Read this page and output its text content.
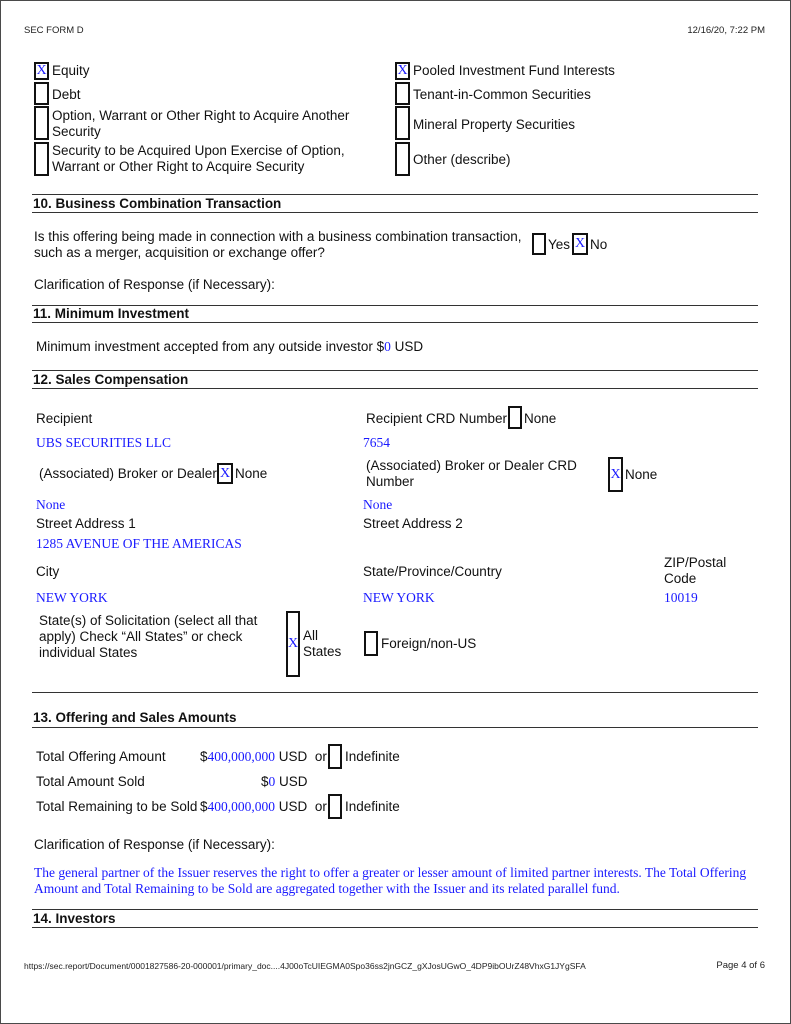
SEC FORM D	12/16/20, 7:22 PM
X Equity
Debt
Option, Warrant or Other Right to Acquire Another Security
Security to be Acquired Upon Exercise of Option, Warrant or Other Right to Acquire Security
X Pooled Investment Fund Interests
Tenant-in-Common Securities
Mineral Property Securities
Other (describe)
10. Business Combination Transaction
Is this offering being made in connection with a business combination transaction, such as a merger, acquisition or exchange offer?
Yes X No
Clarification of Response (if Necessary):
11. Minimum Investment
Minimum investment accepted from any outside investor $0 USD
12. Sales Compensation
Recipient
UBS SECURITIES LLC
Recipient CRD Number None
7654
(Associated) Broker or Dealer X None
None
(Associated) Broker or Dealer CRD Number	X None
None
Street Address 1
1285 AVENUE OF THE AMERICAS
Street Address 2
City
NEW YORK
State/Province/Country
NEW YORK
ZIP/Postal Code
10019
State(s) of Solicitation (select all that apply) Check “All States” or check individual States
X
All States
Foreign/non-US
13. Offering and Sales Amounts
Total Offering Amount	$400,000,000 USD or Indefinite
Total Amount Sold	$0 USD
Total Remaining to be Sold $400,000,000 USD or Indefinite
Clarification of Response (if Necessary):
The general partner of the Issuer reserves the right to offer a greater or lesser amount of limited partner interests. The Total Offering Amount and Total Remaining to be Sold are aggregated together with the Issuer and its related parallel fund.
14. Investors
https://sec.report/Document/0001827586-20-000001/primary_doc....4J00oTcUIEGMA0Spo36ss2jnGCZ_gXJosUGwO_4DP9ibOUrZ48VhxG1JYgSFA	Page 4 of 6
